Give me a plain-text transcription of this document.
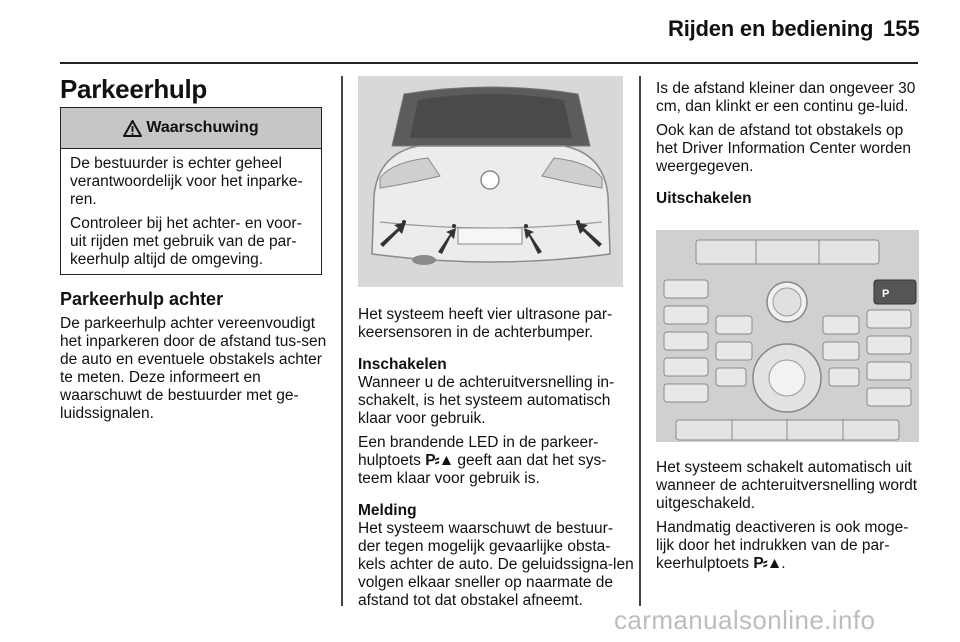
Rijden en bediening 155
Parkeerhulp
Waarschuwing

De bestuurder is echter geheel verantwoordelijk voor het inparke-ren.

Controleer bij het achter- en voor-uit rijden met gebruik van de par-keerhulp altijd de omgeving.

Parkeerhulp achter

De parkeerhulp achter vereenvoudigt het inparkeren door de afstand tus-sen de auto en eventuele obstakels achter te meten. Deze informeert en waarschuwt de bestuurder met ge-luidssignalen.

Het systeem heeft vier ultrasone par-keersensoren in de achterbumper.

Inschakelen

Wanneer u de achteruitversnelling in-schakelt, is het systeem automatisch klaar voor gebruik.

Een brandende LED in de parkeer-hulptoets P⸗▲ geeft aan dat het sys-teem klaar voor gebruik is.

Melding

Het systeem waarschuwt de bestuur-der tegen mogelijk gevaarlijke obsta-kels achter de auto. De geluidssigna-len volgen elkaar sneller op naarmate de afstand tot dat obstakel afneemt.

Is de afstand kleiner dan ongeveer 30 cm, dan klinkt er een continu ge-luid.

Ook kan de afstand tot obstakels op het Driver Information Center worden weergegeven.

Uitschakelen

P

Het systeem schakelt automatisch uit wanneer de achteruitversnelling wordt uitgeschakeld.

Handmatig deactiveren is ook moge-lijk door het indrukken van de par-keerhulptoets P⸗▲.

carmanualsonline.info
